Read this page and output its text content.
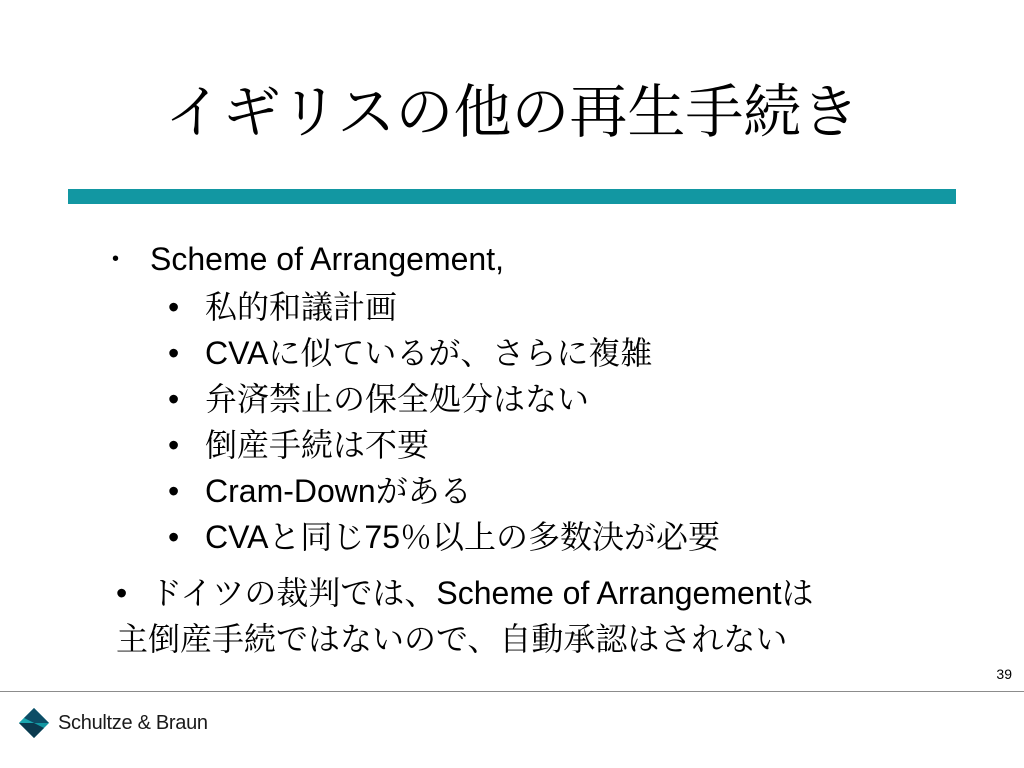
イギリスの他の再生手続き
• Scheme of Arrangement,
• 私的和議計画
• CVAに似ているが、さらに複雑
• 弁済禁止の保全処分はない
• 倒産手続は不要
• Cram-Downがある
• CVAと同じ75％以上の多数決が必要
• ドイツの裁判では、Scheme of Arrangementは
主倒産手続ではないので、自動承認はされない
39
Schultze & Braun
